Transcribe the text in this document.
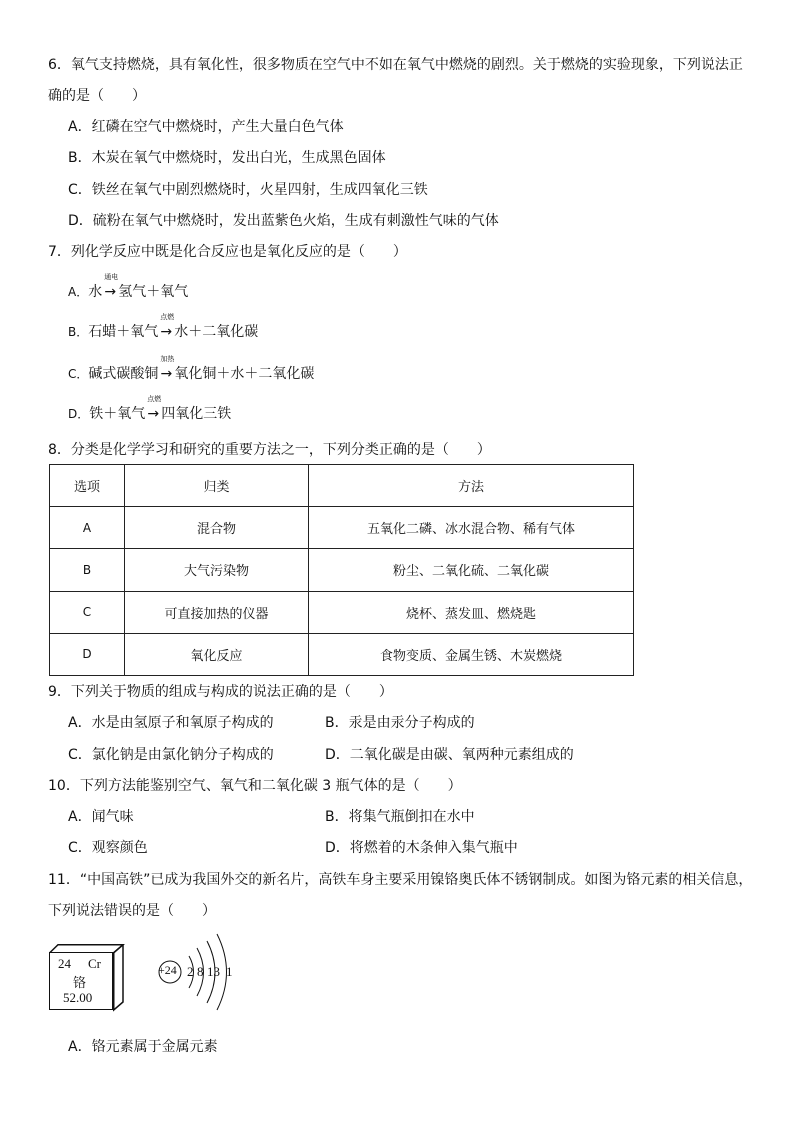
6．氧气支持燃烧，具有氧化性，很多物质在空气中不如在氧气中燃烧的剧烈。关于燃烧的实验现象，下列说法正
确的是（　　）
A．红磷在空气中燃烧时，产生大量白色气体
B．木炭在氧气中燃烧时，发出白光，生成黑色固体
C．铁丝在氧气中剧烈燃烧时，火星四射，生成四氧化三铁
D．硫粉在氧气中燃烧时，发出蓝紫色火焰，生成有刺激性气味的气体
7．列化学反应中既是化合反应也是氧化反应的是（　　）
A．水
通电
→ 氢气＋氧气
B．石蜡＋氧气
点燃
→ 水＋二氧化碳
C．碱式碳酸铜
加热
→ 氧化铜＋水＋二氧化碳
D．铁＋氧气
点燃
→ 四氧化三铁
8．分类是化学学习和研究的重要方法之一，下列分类正确的是（　　）
选项	归类	方法
A	混合物	五氧化二磷、冰水混合物、稀有气体
B	大气污染物	粉尘、二氧化硫、二氧化碳
C	可直接加热的仪器	烧杯、蒸发皿、燃烧匙
D	氧化反应	食物变质、金属生锈、木炭燃烧
9．下列关于物质的组成与构成的说法正确的是（　　）
A．水是由氢原子和氧原子构成的	B．汞是由汞分子构成的
C．氯化钠是由氯化钠分子构成的	D．二氧化碳是由碳、氧两种元素组成的
10．下列方法能鉴别空气、氧气和二氧化碳 3 瓶气体的是（　　）
A．闻气味	B．将集气瓶倒扣在水中
C．观察颜色	D．将燃着的木条伸入集气瓶中
11．“中国高铁”已成为我国外交的新名片，高铁车身主要采用镍铬奥氏体不锈钢制成。如图为铬元素的相关信息，
下列说法错误的是（　　）
24 Cr
铬
52.00
+24 2 8 13 1
A．铬元素属于金属元素
